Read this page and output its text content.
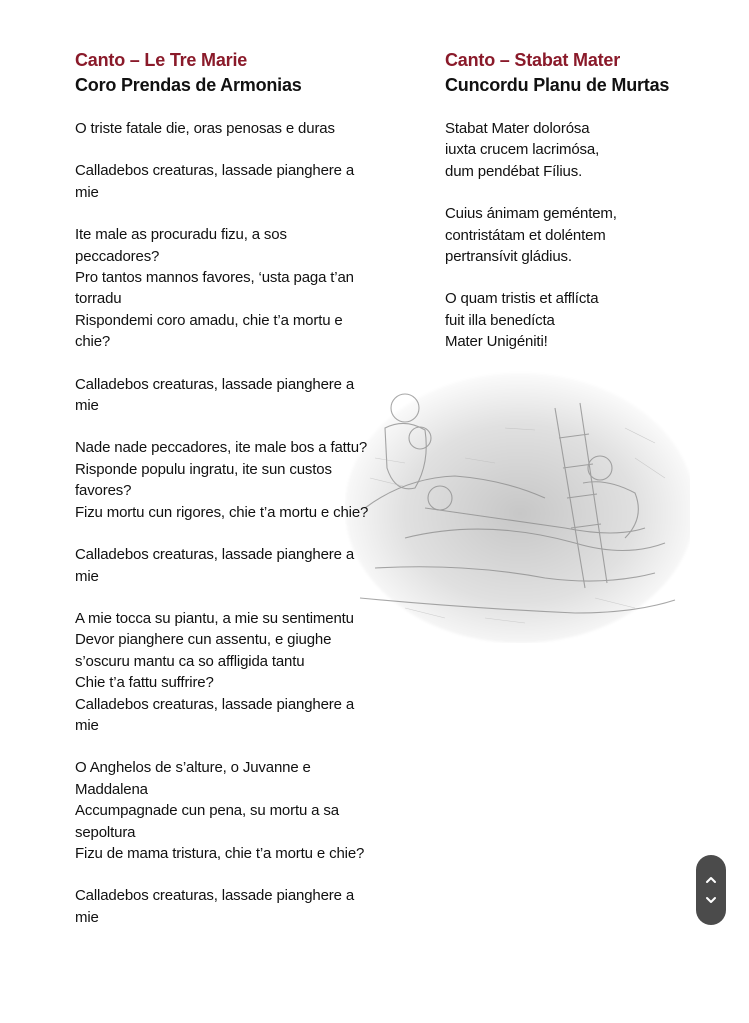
Canto – Le Tre Marie
Coro Prendas de Armonias

O triste fatale die, oras penosas e duras

Calladebos creaturas, lassade pianghere a

mie

Ite male as procuradu fizu, a sos peccadores?

Pro tantos mannos favores, ‘usta paga t’an

torradu

Rispondemi coro amadu, chie t’a mortu e

chie?

Calladebos creaturas, lassade pianghere a

mie

Nade nade peccadores, ite male bos a fattu?

Risponde populu ingratu, ite sun custos

favores?

Fizu mortu cun rigores, chie t’a mortu e chie?

Calladebos creaturas, lassade pianghere a

mie

A mie tocca su piantu, a mie su sentimentu

Devor pianghere cun assentu, e giughe

s’oscuru mantu ca so affligida tantu

Chie t’a fattu suffrire?

Calladebos creaturas, lassade pianghere a

mie

O Anghelos de s’alture, o Juvanne e

Maddalena

Accumpagnade cun pena, su mortu a sa

sepoltura

Fizu de mama tristura, chie t’a mortu e chie?

Calladebos creaturas, lassade pianghere a

mie

Canto – Stabat Mater
Cuncordu Planu de Murtas

Stabat Mater dolorósa

iuxta crucem lacrimósa,

dum pendébat Fílius.

Cuius ánimam geméntem,

contristátam et doléntem

pertransívit gládius.

O quam tristis et afflícta

fuit illa benedícta

Mater Unigéniti!
